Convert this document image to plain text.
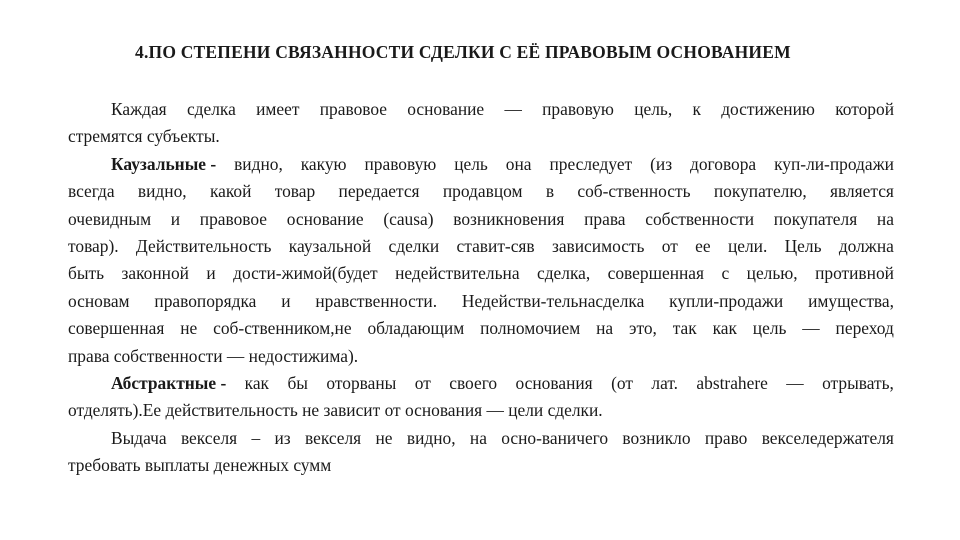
4.ПО СТЕПЕНИ СВЯЗАННОСТИ СДЕЛКИ С ЕЁ ПРАВОВЫМ ОСНОВАНИЕМ
Каждая сделка имеет правовое основание — правовую цель, к достижению которой
стремятся субъекты.
Каузальные - видно, какую правовую цель она преследует (из договора куп-ли-продажи
всегда видно, какой товар передается продавцом в соб-ственность покупателю, является
очевидным и правовое основание (causa) возникновения права собственности покупателя на
товар). Действительность каузальной сделки ставит-сяв зависимость от ее цели. Цель должна
быть законной и дости-жимой(будет недействительна сделка, совершенная с целью, противной
основам правопорядка и нравственности. Недействи-тельнасделка купли-продажи имущества,
совершенная не соб-ственником,не обладающим полномочием на это, так как цель — переход
права собственности — недостижима).
Абстрактные - как бы оторваны от своего основания (от лат. abstrahere — отрывать,
отделять).Ее действительность не зависит от основания — цели сделки.
Выдача векселя – из векселя не видно, на осно-ваничего возникло право векселедержателя
требовать выплаты денежных сумм
